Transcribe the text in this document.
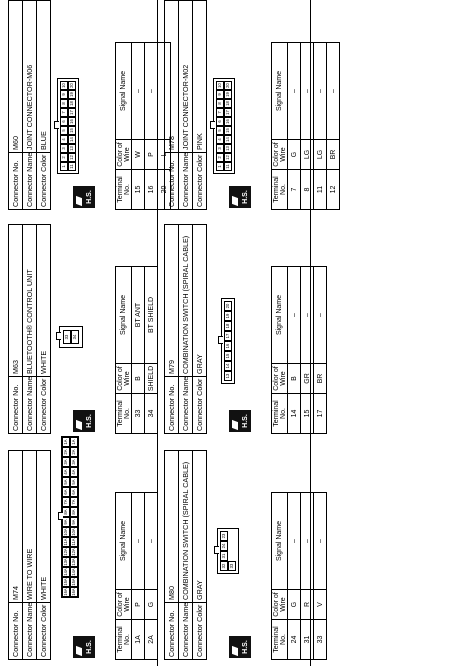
Connector No.	M74
Connector Name	WIRE TO WIRE
Connector Color	WHITE
H.S.
16A
15A
14A
13A
12A
11A
10A
9A
8A
7A
6A
5A
4A
3A
2A
1A
16A
15A
14A
13A
12A
11A
10A
9A
8A
7A
6A
5A
4A
3A
2A
1A
Terminal No.	Color of Wire	Signal Name
1A	P	–
2A	G	–
Connector No.	M63
Connector Name	BLUETOOTH® CONTROL UNIT
Connector Color	WHITE
H.S.
33 34
Terminal No.	Color of Wire	Signal Name
33	B	BT ANT
34	SHIELD	BT SHIELD
Connector No.	M60
Connector Name	JOINT CONNECTOR-M06
Connector Color	BLUE
H.S.
1
2
3
4
5
6
7
8
9
10
11
12
13
14
15
16
17
18
19
20
Terminal No.	Color of Wire	Signal Name
15	W	–
16	P	–
20	L	–
Connector No.	M80
Connector Name	COMBINATION SWITCH (SPIRAL CABLE)
Connector Color	GRAY
H.S.
32
31
24
23
33
Terminal No.	Color of Wire	Signal Name
24	G	–
31	R	–
33	V	–
Connector No.	M79
Connector Name	COMBINATION SWITCH (SPIRAL CABLE)
Connector Color	GRAY
H.S.
13
14
15
16
17
18
19
20
Terminal No.	Color of Wire	Signal Name
14	B	–
15	GR	–
17	BR	–
Connector No.	M78
Connector Name	JOINT CONNECTOR-M02
Connector Color	PINK
H.S.
1
2
3
4
5
6
7
8
9
10
11
12
13
14
15
16
17
18
19
20
Terminal No.	Color of Wire	Signal Name
7	G	–
8	LG	–
11	LG	–
12	BR	–
